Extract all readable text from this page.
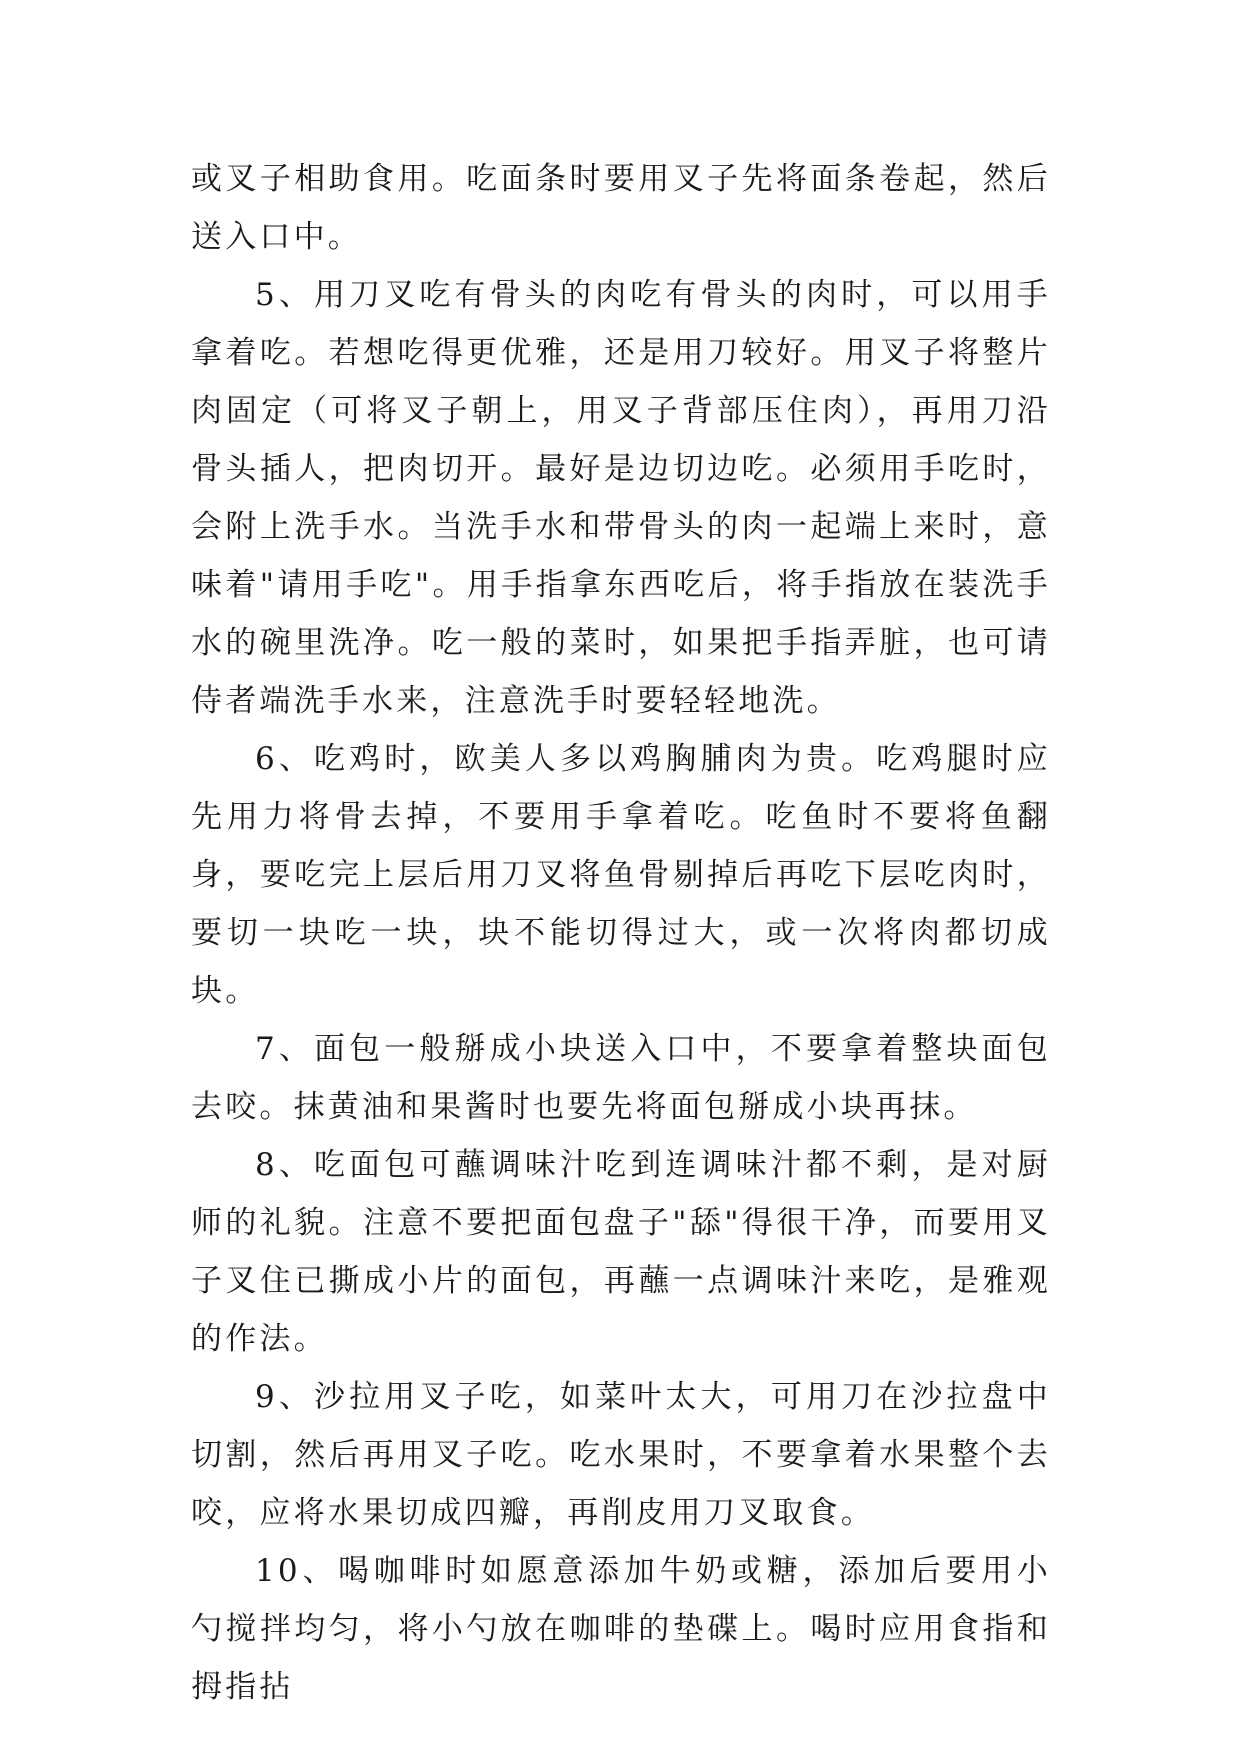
或叉子相助食用。吃面条时要用叉子先将面条卷起，然后送入口中。

5、用刀叉吃有骨头的肉吃有骨头的肉时，可以用手拿着吃。若想吃得更优雅，还是用刀较好。用叉子将整片肉固定（可将叉子朝上，用叉子背部压住肉），再用刀沿骨头插人，把肉切开。最好是边切边吃。必须用手吃时，会附上洗手水。当洗手水和带骨头的肉一起端上来时，意味着"请用手吃"。用手指拿东西吃后，将手指放在装洗手水的碗里洗净。吃一般的菜时，如果把手指弄脏，也可请侍者端洗手水来，注意洗手时要轻轻地洗。

6、吃鸡时，欧美人多以鸡胸脯肉为贵。吃鸡腿时应先用力将骨去掉，不要用手拿着吃。吃鱼时不要将鱼翻身，要吃完上层后用刀叉将鱼骨剔掉后再吃下层吃肉时，要切一块吃一块，块不能切得过大，或一次将肉都切成块。

7、面包一般掰成小块送入口中，不要拿着整块面包去咬。抹黄油和果酱时也要先将面包掰成小块再抹。

8、吃面包可蘸调味汁吃到连调味汁都不剩，是对厨师的礼貌。注意不要把面包盘子"舔"得很干净，而要用叉子叉住已撕成小片的面包，再蘸一点调味汁来吃，是雅观的作法。

9、沙拉用叉子吃，如菜叶太大，可用刀在沙拉盘中切割，然后再用叉子吃。吃水果时，不要拿着水果整个去咬，应将水果切成四瓣，再削皮用刀叉取食。

10、喝咖啡时如愿意添加牛奶或糖，添加后要用小勺搅拌均匀，将小勺放在咖啡的垫碟上。喝时应用食指和拇指拈
